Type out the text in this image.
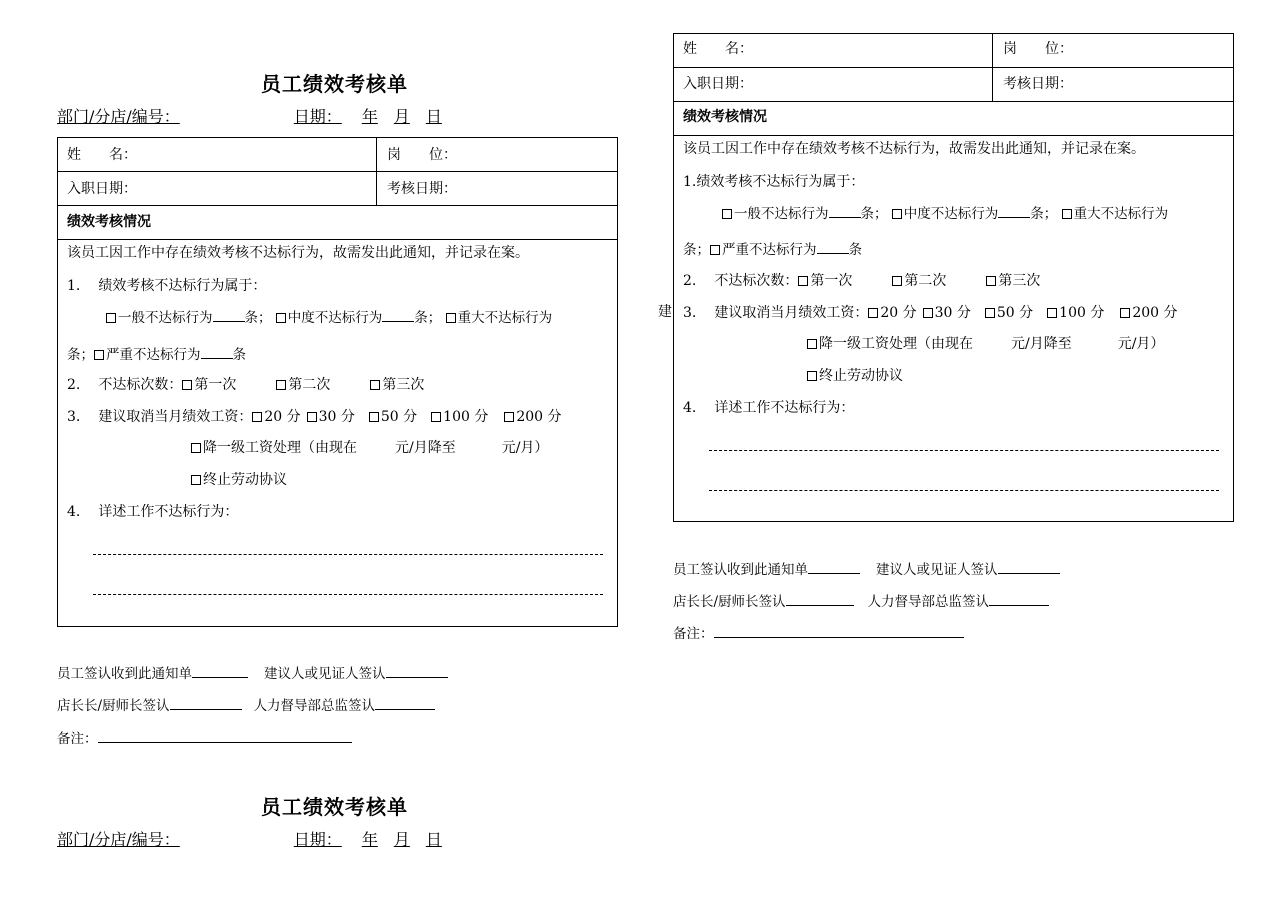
员工绩效考核单
部门/分店/编号：	日期： 年 月 日
姓　　名：	岗　　位：
入职日期：	考核日期：
绩效考核情况
该员工因工作中存在绩效考核不达标行为，故需发出此通知，并记录在案。
1. 绩效考核不达标行为属于：
一般不达标行为 条； 中度不达标行为 条； 重大不达标行为
条； 严重不达标行为 条
2. 不达标次数： 第一次	第二次	第三次
3. 建议取消当月绩效工资： 20 分 30 分 50 分 100 分 200 分
降一级工资处理（由现在	元/月降至	元/月）
终止劳动协议
4. 详述工作不达标行为：
员工签认收到此通知单	建议人或见证人签认
店长长/厨师长签认	人力督导部总监签认
备注：
员工绩效考核单
部门/分店/编号：	日期： 年 月 日
姓　　名：	岗　　位：
入职日期：	考核日期：
绩效考核情况
该员工因工作中存在绩效考核不达标行为，故需发出此通知，并记录在案。
1.绩效考核不达标行为属于：
一般不达标行为 条； 中度不达标行为 条； 重大不达标行为
条； 严重不达标行为 条
2. 不达标次数： 第一次	第二次	第三次
3. 建议取消当月绩效工资： 20 分 30 分 50 分 100 分 200 分
降一级工资处理（由现在	元/月降至	元/月）
终止劳动协议
4. 详述工作不达标行为：
建
员工签认收到此通知单	建议人或见证人签认
店长长/厨师长签认	人力督导部总监签认
备注：
